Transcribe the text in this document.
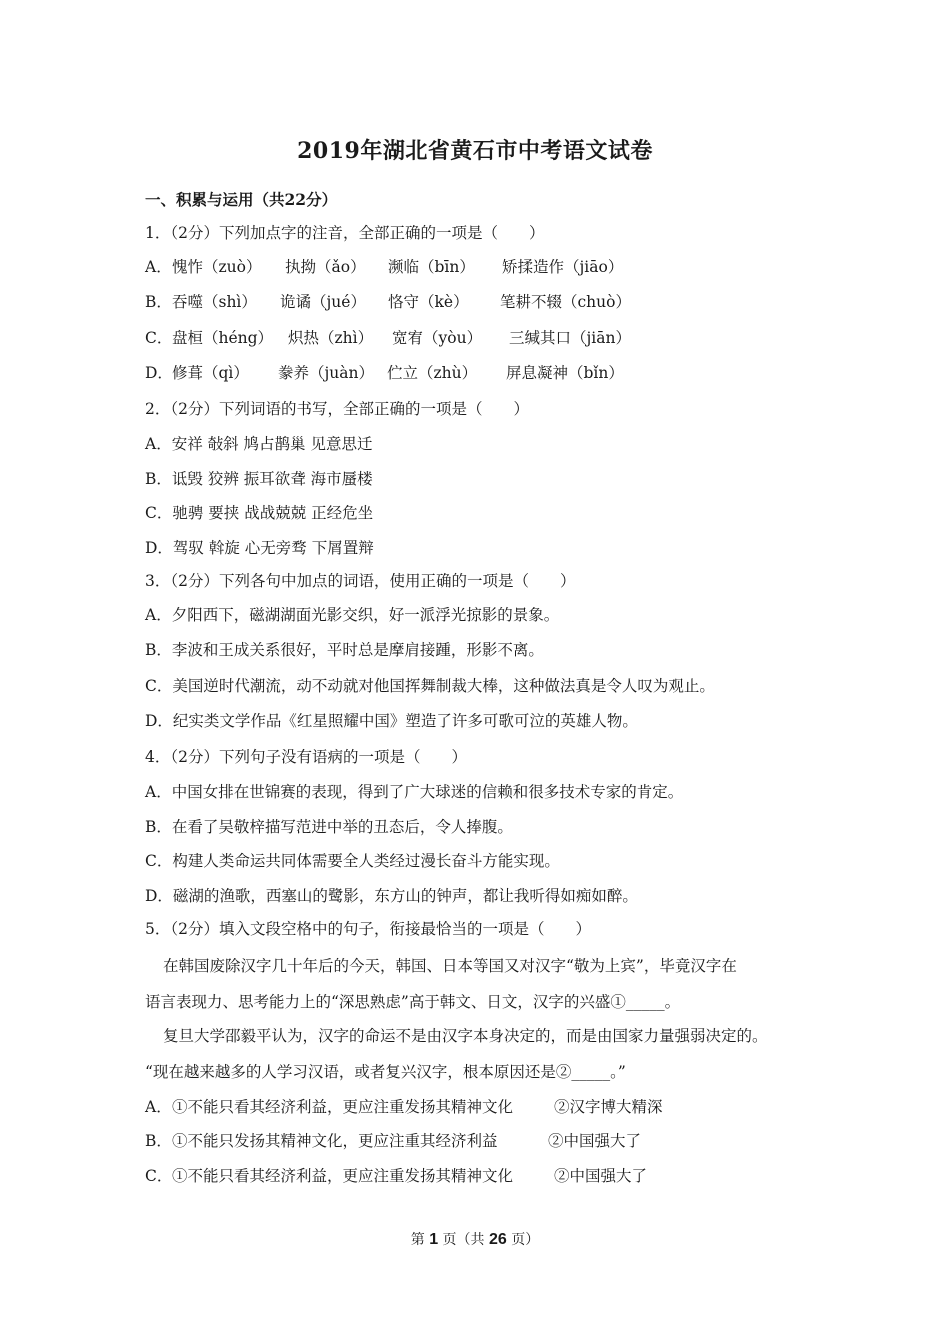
2019年湖北省黄石市中考语文试卷
一、积累与运用（共22分）
1．（2分）下列加点字的注音，全部正确的一项是（　　）
A． 愧怍（zuò） 执拗（ǎo） 濒临（bīn） 矫揉造作（jiāo）
B． 吞噬（shì） 诡谲（jué） 恪守（kè） 笔耕不辍（chuò）
C． 盘桓（héng） 炽热（zhì） 宽宥（yòu） 三缄其口（jiān）
D． 修葺（qì） 豢养（juàn） 伫立（zhù） 屏息凝神（bǐn）
2．（2分）下列词语的书写，全部正确的一项是（　　）
A．安祥 敧斜 鸠占鹊巢 见意思迁
B．诋毁 狡辨 振耳欲聋 海市蜃楼
C．驰骋 要挟 战战兢兢 正经危坐
D．驾驭 斡旋 心无旁骛 下屑置辩
3．（2分）下列各句中加点的词语，使用正确的一项是（　　）
A．夕阳西下，磁湖湖面光影交织，好一派浮光掠影的景象。
B．李波和王成关系很好，平时总是摩肩接踵，形影不离。
C．美国逆时代潮流，动不动就对他国挥舞制裁大棒，这种做法真是令人叹为观止。
D．纪实类文学作品《红星照耀中国》塑造了许多可歌可泣的英雄人物。
4．（2分）下列句子没有语病的一项是（　　）
A．中国女排在世锦赛的表现，得到了广大球迷的信赖和很多技术专家的肯定。
B．在看了吴敬梓描写范进中举的丑态后，令人捧腹。
C．构建人类命运共同体需要全人类经过漫长奋斗方能实现。
D．磁湖的渔歌，西塞山的鹭影，东方山的钟声，都让我听得如痴如醉。
5．（2分）填入文段空格中的句子，衔接最恰当的一项是（　　）
在韩国废除汉字几十年后的今天，韩国、日本等国又对汉字“敬为上宾”，毕竟汉字在
语言表现力、思考能力上的“深思熟虑”高于韩文、日文，汉字的兴盛①_____。
复旦大学邵毅平认为，汉字的命运不是由汉字本身决定的，而是由国家力量强弱决定的。
“现在越来越多的人学习汉语，或者复兴汉字，根本原因还是②_____。”
A． ①不能只看其经济利益，更应注重发扬其精神文化	②汉字博大精深
B． ①不能只发扬其精神文化，更应注重其经济利益	②中国强大了
C． ①不能只看其经济利益，更应注重发扬其精神文化	②中国强大了
第 1 页（共 26 页）
